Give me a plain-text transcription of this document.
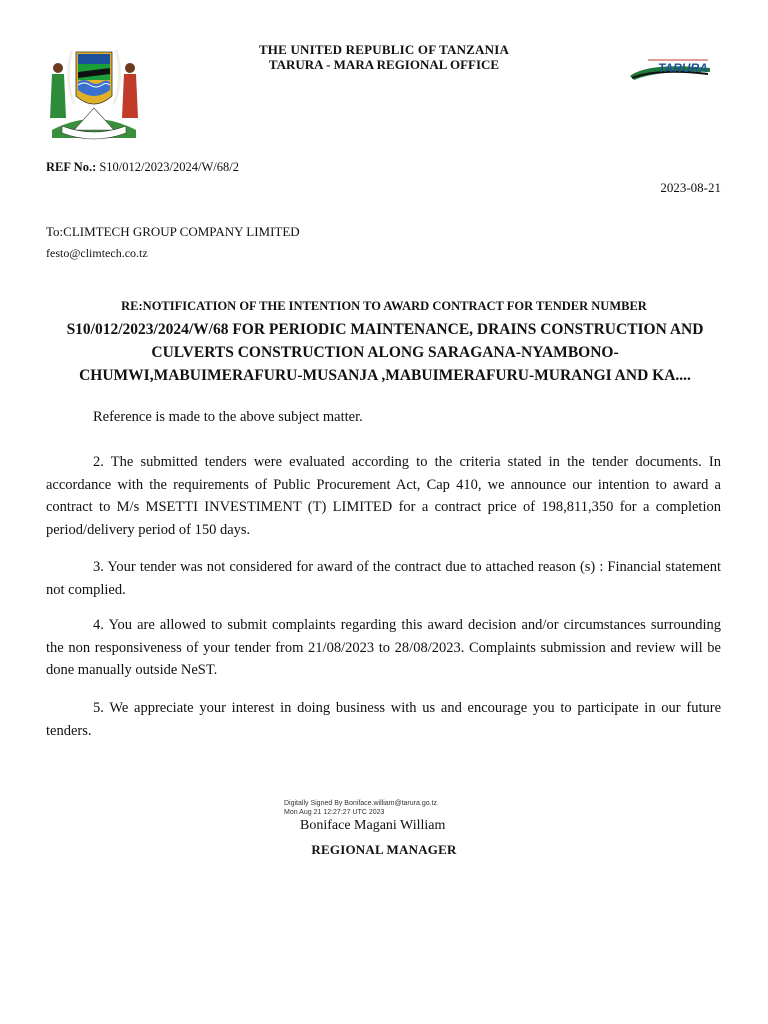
TARURA
THE UNITED REPUBLIC OF TANZANIA
TARURA - MARA REGIONAL OFFICE
REF No.: S10/012/2023/2024/W/68/2
2023-08-21
To:CLIMTECH GROUP COMPANY LIMITED
festo@climtech.co.tz
RE:NOTIFICATION OF THE INTENTION TO AWARD CONTRACT FOR TENDER NUMBER
S10/012/2023/2024/W/68 FOR PERIODIC MAINTENANCE, DRAINS CONSTRUCTION AND
CULVERTS CONSTRUCTION ALONG SARAGANA-NYAMBONO-
CHUMWI,MABUIMERAFURU-MUSANJA ,MABUIMERAFURU-MURANGI AND KA....
Reference is made to the above subject matter.
2. The submitted tenders were evaluated according to the criteria stated in the tender documents. In accordance with the requirements of Public Procurement Act, Cap 410, we announce our intention to award a contract to M/s MSETTI INVESTIMENT (T) LIMITED for a contract price of 198,811,350 for a completion period/delivery period of 150 days.
3. Your tender was not considered for award of the contract due to attached reason (s) : Financial statement not complied.
4. You are allowed to submit complaints regarding this award decision and/or circumstances surrounding the non responsiveness of your tender from 21/08/2023 to 28/08/2023. Complaints submission and review will be done manually outside NeST.
5. We appreciate your interest in doing business with us and encourage you to participate in our future tenders.
Digitally Signed By Boniface.william@tarura.go.tz
Mon Aug 21 12:27:27 UTC 2023
Boniface Magani William
REGIONAL MANAGER
